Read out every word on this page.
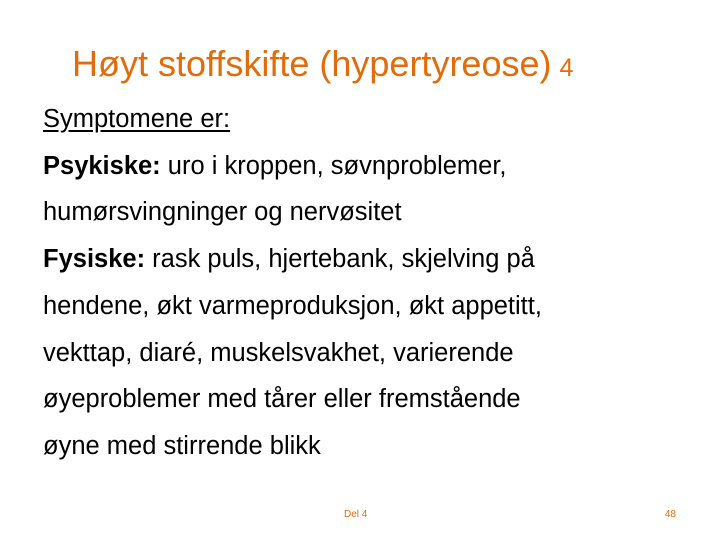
Høyt stoffskifte (hypertyreose) 4

Symptomene er:

Psykiske: uro i kroppen, søvnproblemer,

humørsvingninger og nervøsitet

Fysiske: rask puls, hjertebank, skjelving på

hendene, økt varmeproduksjon, økt appetitt,

vekttap, diaré, muskelsvakhet, varierende

øyeproblemer med tårer eller fremstående

øyne med stirrende blikk

Del 4	48
